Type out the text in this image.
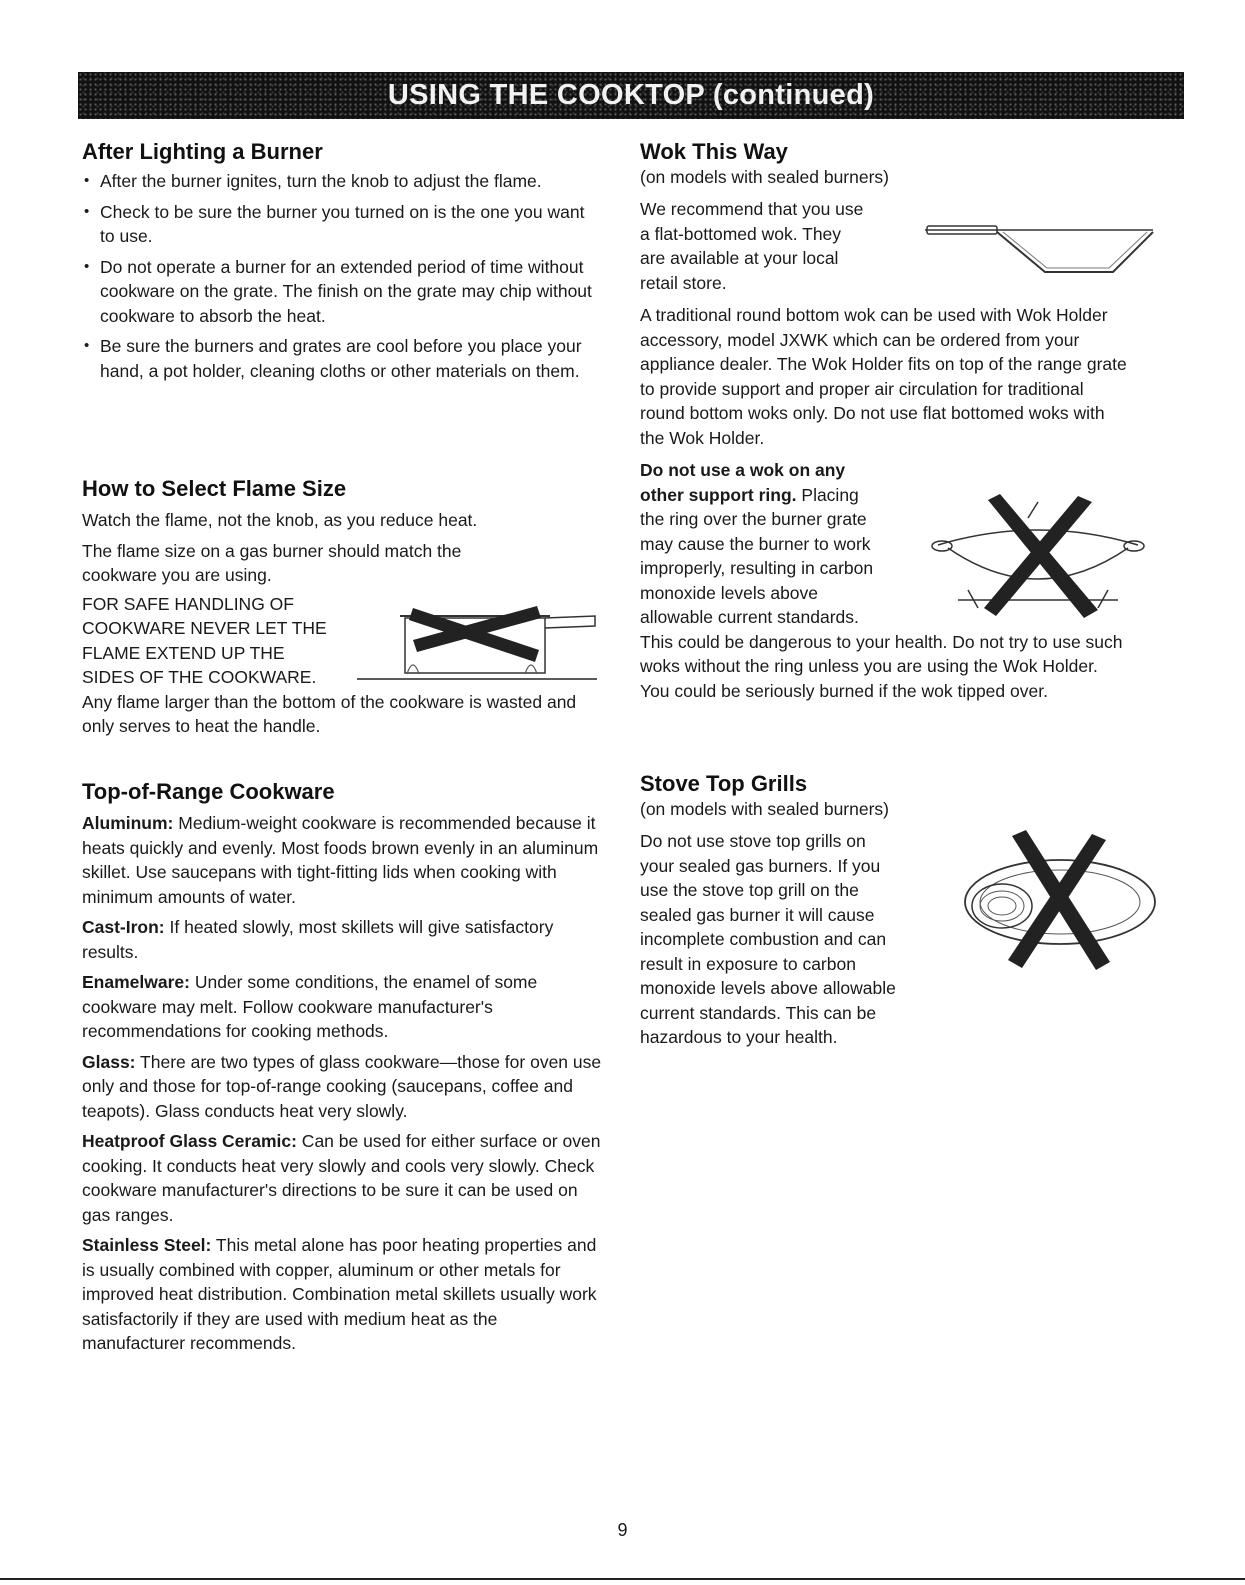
USING THE COOKTOP (continued)
After Lighting a Burner
• After the burner ignites, turn the knob to adjust the flame.
• Check to be sure the burner you turned on is the one you want to use.
• Do not operate a burner for an extended period of time without cookware on the grate. The finish on the grate may chip without cookware to absorb the heat.
• Be sure the burners and grates are cool before you place your hand, a pot holder, cleaning cloths or other materials on them.
How to Select Flame Size

Watch the flame, not the knob, as you reduce heat.

The flame size on a gas burner should match the cookware you are using.

FOR SAFE HANDLING OF
COOKWARE NEVER LET THE
FLAME EXTEND UP THE
SIDES OF THE COOKWARE.

Any flame larger than the bottom of the cookware is wasted and only serves to heat the handle.

Top-of-Range Cookware

Aluminum: Medium-weight cookware is recommended because it heats quickly and evenly. Most foods brown evenly in an aluminum skillet. Use saucepans with tight-fitting lids when cooking with minimum amounts of water.

Cast-Iron: If heated slowly, most skillets will give satisfactory results.

Enamelware: Under some conditions, the enamel of some cookware may melt. Follow cookware manufacturer's recommendations for cooking methods.

Glass: There are two types of glass cookware—those for oven use only and those for top-of-range cooking (saucepans, coffee and teapots). Glass conducts heat very slowly.

Heatproof Glass Ceramic: Can be used for either surface or oven cooking. It conducts heat very slowly and cools very slowly. Check cookware manufacturer's directions to be sure it can be used on gas ranges.

Stainless Steel: This metal alone has poor heating properties and is usually combined with copper, aluminum or other metals for improved heat distribution. Combination metal skillets usually work satisfactorily if they are used with medium heat as the manufacturer recommends.

Wok This Way

(on models with sealed burners)

We recommend that you use
a flat-bottomed wok. They
are available at your local
retail store.

A traditional round bottom wok can be used with Wok Holder accessory, model JXWK which can be ordered from your appliance dealer. The Wok Holder fits on top of the range grate to provide support and proper air circulation for traditional round bottom woks only. Do not use flat bottomed woks with the Wok Holder.

Do not use a wok on any
other support ring. Placing
the ring over the burner grate
may cause the burner to work
improperly, resulting in carbon
monoxide levels above
allowable current standards.

This could be dangerous to your health. Do not try to use such woks without the ring unless you are using the Wok Holder. You could be seriously burned if the wok tipped over.

Stove Top Grills

(on models with sealed burners)

Do not use stove top grills on
your sealed gas burners. If you
use the stove top grill on the
sealed gas burner it will cause
incomplete combustion and can
result in exposure to carbon
monoxide levels above allowable
current standards. This can be
hazardous to your health.
9
